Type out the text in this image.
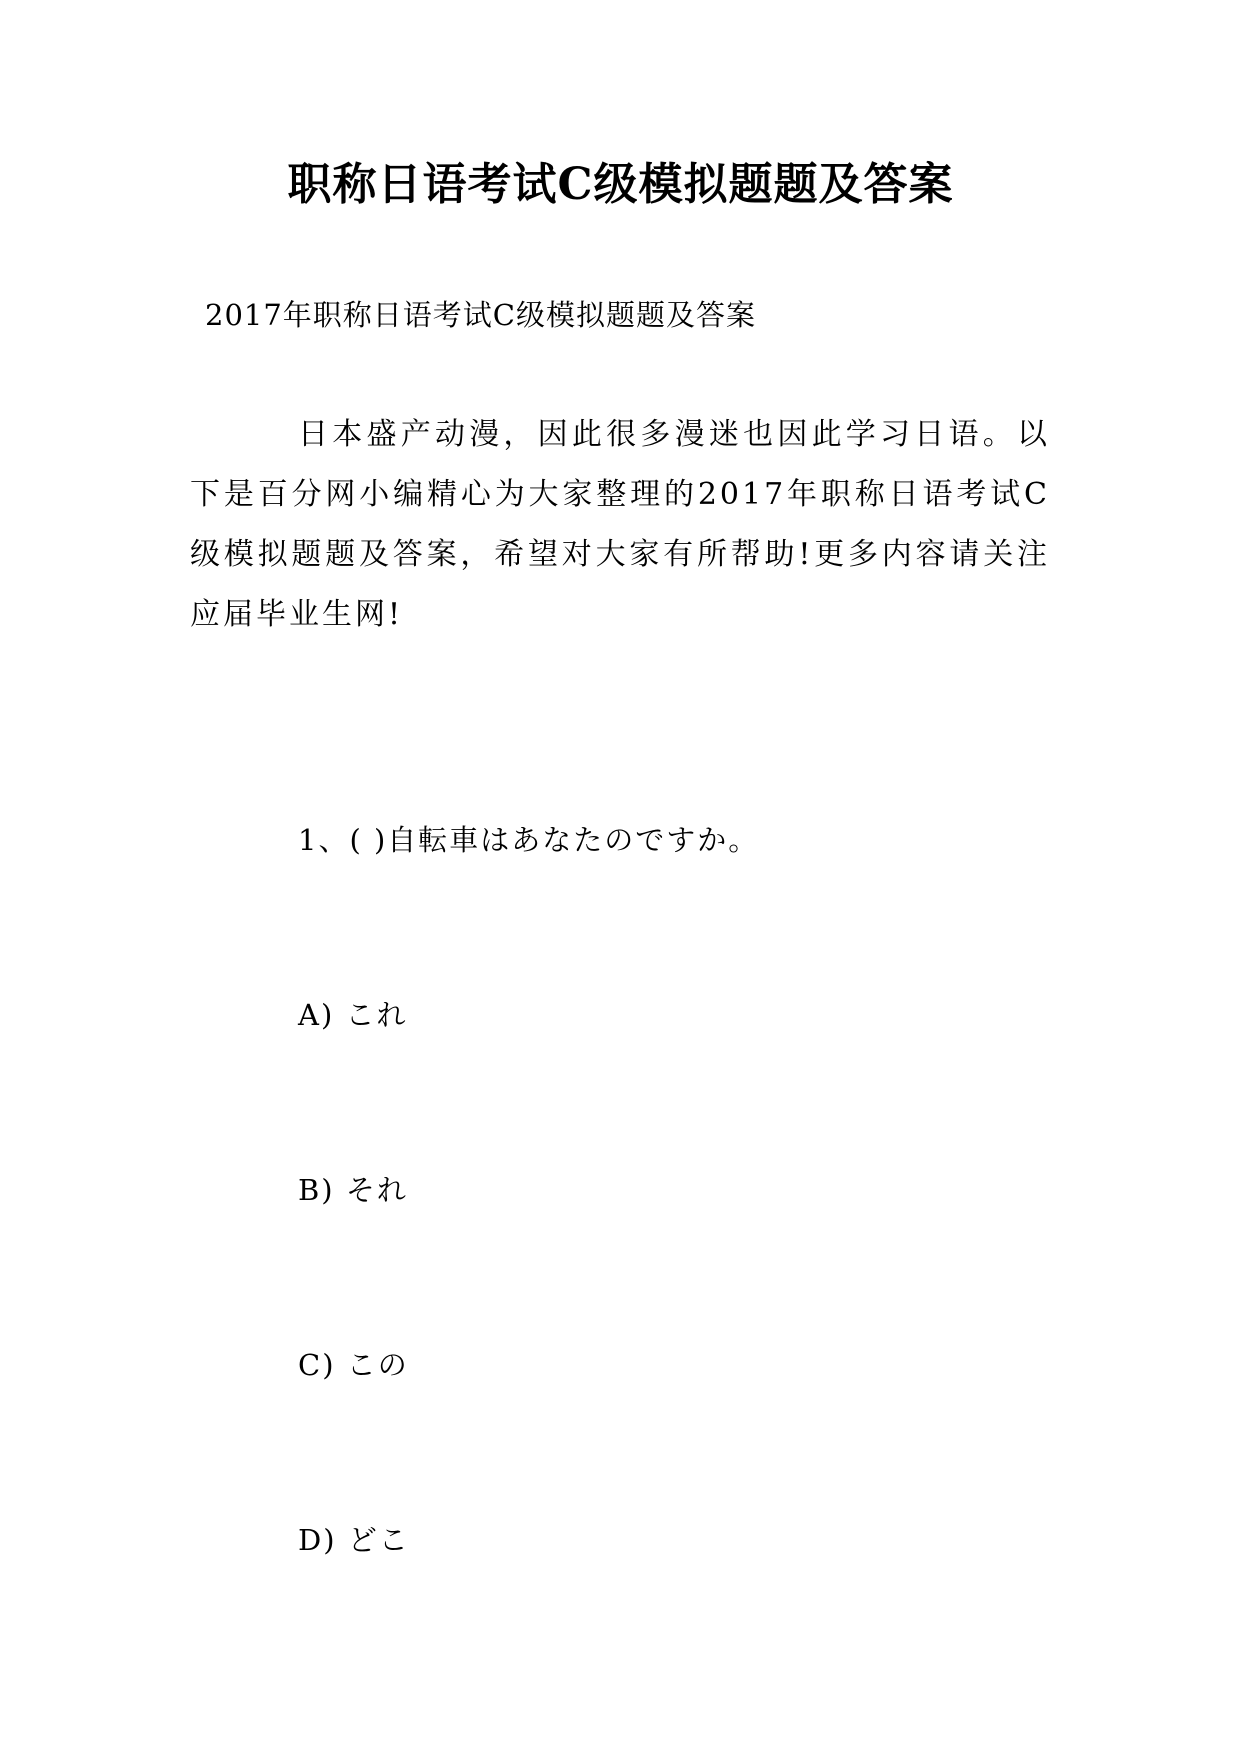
职称日语考试C级模拟题题及答案
2017年职称日语考试C级模拟题题及答案
日本盛产动漫，因此很多漫迷也因此学习日语。以下是百分网小编精心为大家整理的2017年职称日语考试C级模拟题题及答案，希望对大家有所帮助!更多内容请关注应届毕业生网!
1、( )自転車はあなたのですか。
A) これ
B) それ
C) この
D) どこ
